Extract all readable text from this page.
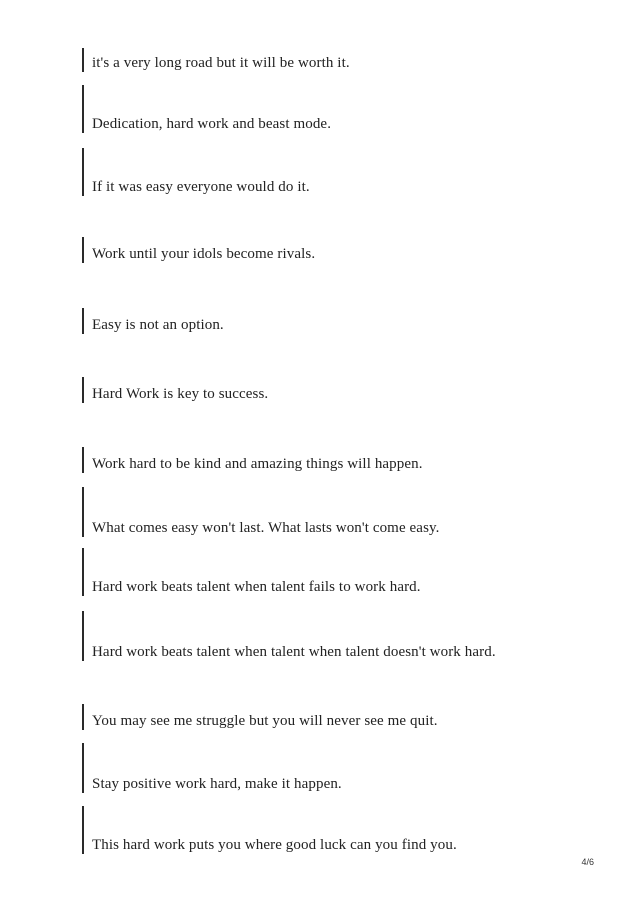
it's a very long road but it will be worth it.
Dedication, hard work and beast mode.
If it was easy everyone would do it.
Work until your idols become rivals.
Easy is not an option.
Hard Work is key to success.
Work hard to be kind and amazing things will happen.
What comes easy won't last. What lasts won't come easy.
Hard work beats talent when talent fails to work hard.
Hard work beats talent when talent when talent doesn't work hard.
You may see me struggle but you will never see me quit.
Stay positive work hard, make it happen.
This hard work puts you where good luck can you find you.
4/6
